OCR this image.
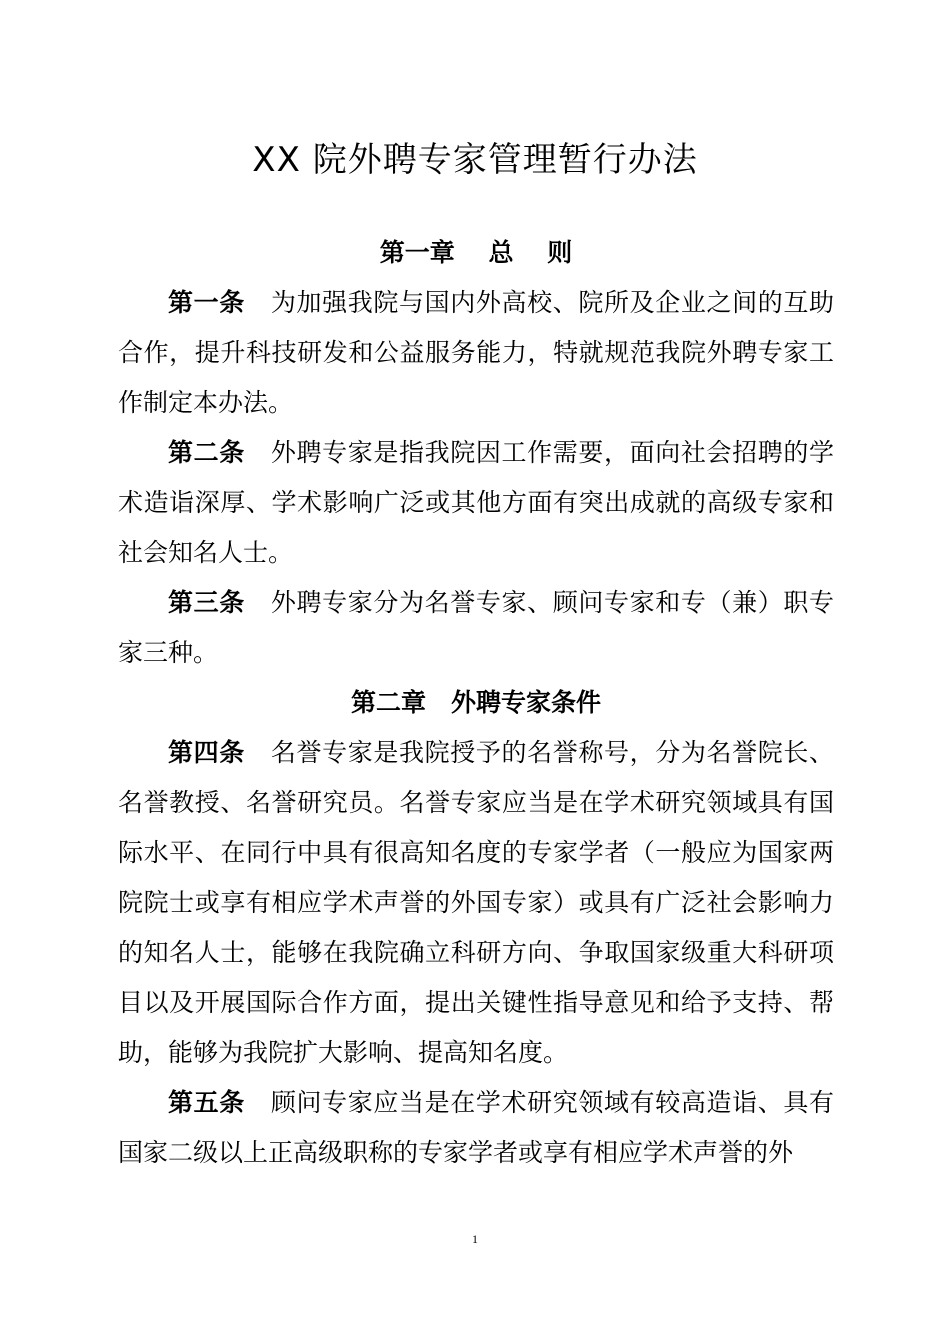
XX 院外聘专家管理暂行办法

第一章　 总　 则

第一条 为加强我院与国内外高校、院所及企业之间的互助合作，提升科技研发和公益服务能力，特就规范我院外聘专家工作制定本办法。

第二条 外聘专家是指我院因工作需要，面向社会招聘的学术造诣深厚、学术影响广泛或其他方面有突出成就的高级专家和社会知名人士。

第三条 外聘专家分为名誉专家、顾问专家和专（兼）职专家三种。

第二章　外聘专家条件

第四条 名誉专家是我院授予的名誉称号，分为名誉院长、名誉教授、名誉研究员。名誉专家应当是在学术研究领域具有国际水平、在同行中具有很高知名度的专家学者（一般应为国家两院院士或享有相应学术声誉的外国专家）或具有广泛社会影响力的知名人士，能够在我院确立科研方向、争取国家级重大科研项目以及开展国际合作方面，提出关键性指导意见和给予支持、帮助，能够为我院扩大影响、提高知名度。

第五条 顾问专家应当是在学术研究领域有较高造诣、具有国家二级以上正高级职称的专家学者或享有相应学术声誉的外

1
